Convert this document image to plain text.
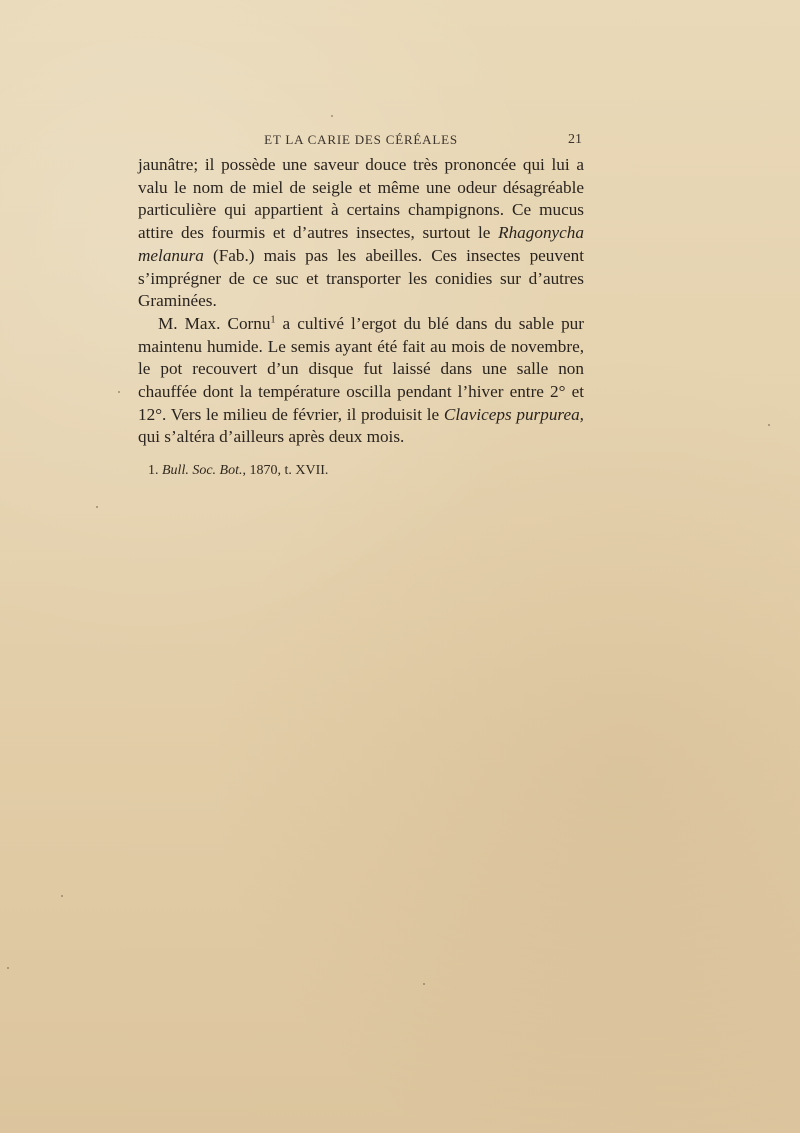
ET LA CARIE DES CÉRÉALES	21

jaunâtre; il possède une saveur douce très prononcée qui lui a valu le nom de miel de seigle et même une odeur désagréable particulière qui appartient à certains champignons. Ce mucus attire des fourmis et d’autres insectes, surtout le Rhagonycha melanura (Fab.) mais pas les abeilles. Ces insectes peuvent s’imprégner de ce suc et transporter les conidies sur d’autres Graminées.

M. Max. Cornu$^1$ a cultivé l’ergot du blé dans du sable pur maintenu humide. Le semis ayant été fait au mois de novembre, le pot recouvert d’un disque fut laissé dans une salle non chauffée dont la température oscilla pendant l’hiver entre 2° et 12°. Vers le milieu de février, il produisit le Claviceps purpurea, qui s’altéra d’ailleurs après deux mois.

1. Bull. Soc. Bot., 1870, t. XVII.
